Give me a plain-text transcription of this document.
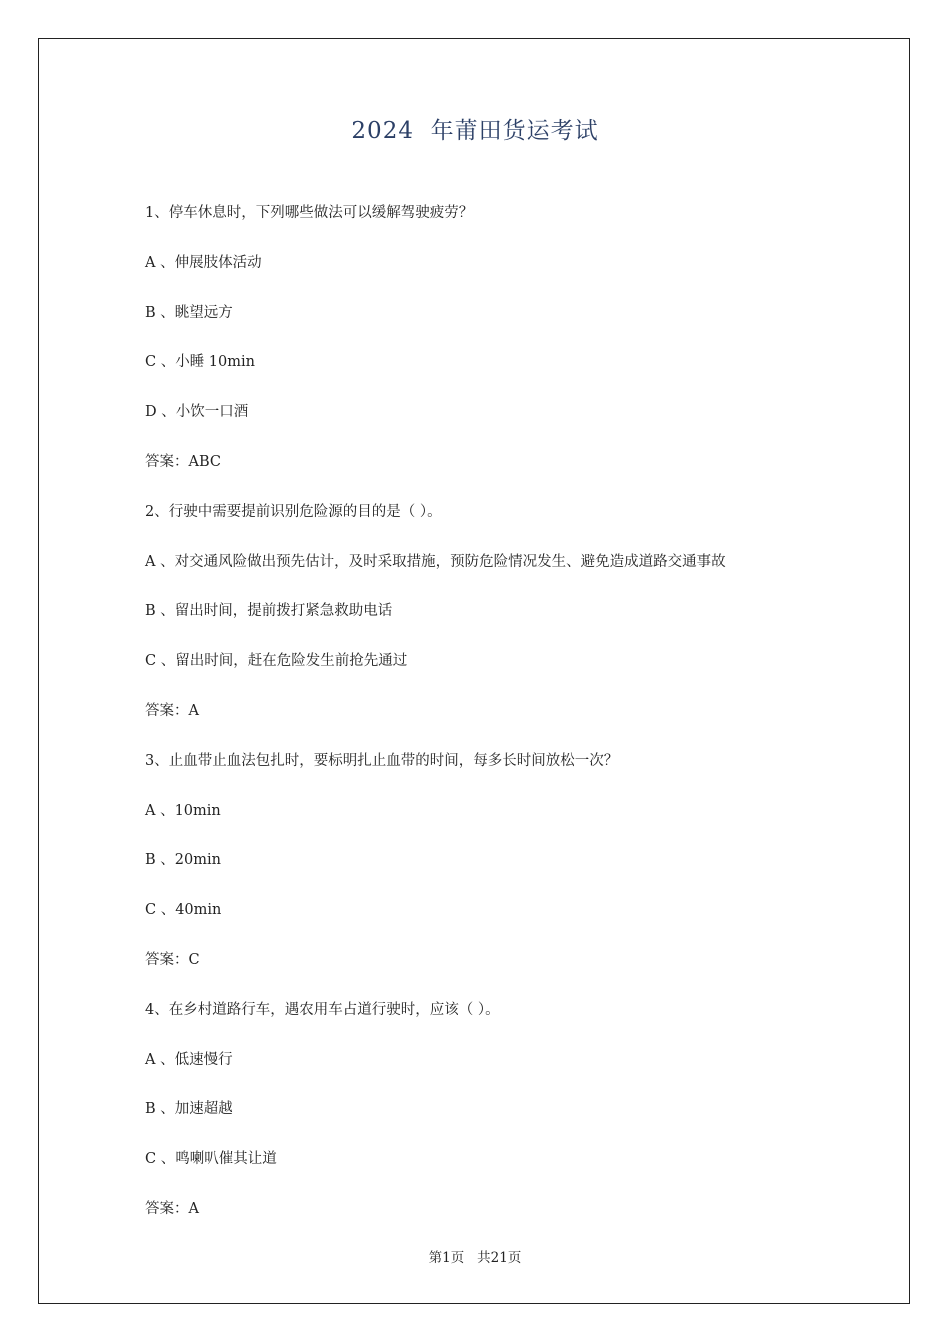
2024  年莆田货运考试
1、停车休息时，下列哪些做法可以缓解驾驶疲劳？
A 、伸展肢体活动
B 、眺望远方
C 、小睡 10min
D 、小饮一口酒
答案：ABC
2、行驶中需要提前识别危险源的目的是（ ）。
A 、对交通风险做出预先估计，及时采取措施，预防危险情况发生、避免造成道路交通事故
B 、留出时间，提前拨打紧急救助电话
C 、留出时间，赶在危险发生前抢先通过
答案：A
3、止血带止血法包扎时，要标明扎止血带的时间，每多长时间放松一次？
A 、10min
B 、20min
C 、40min
答案：C
4、在乡村道路行车，遇农用车占道行驶时，应该（ ）。
A 、低速慢行
B 、加速超越
C 、鸣喇叭催其让道
答案：A
第1页   共21页
